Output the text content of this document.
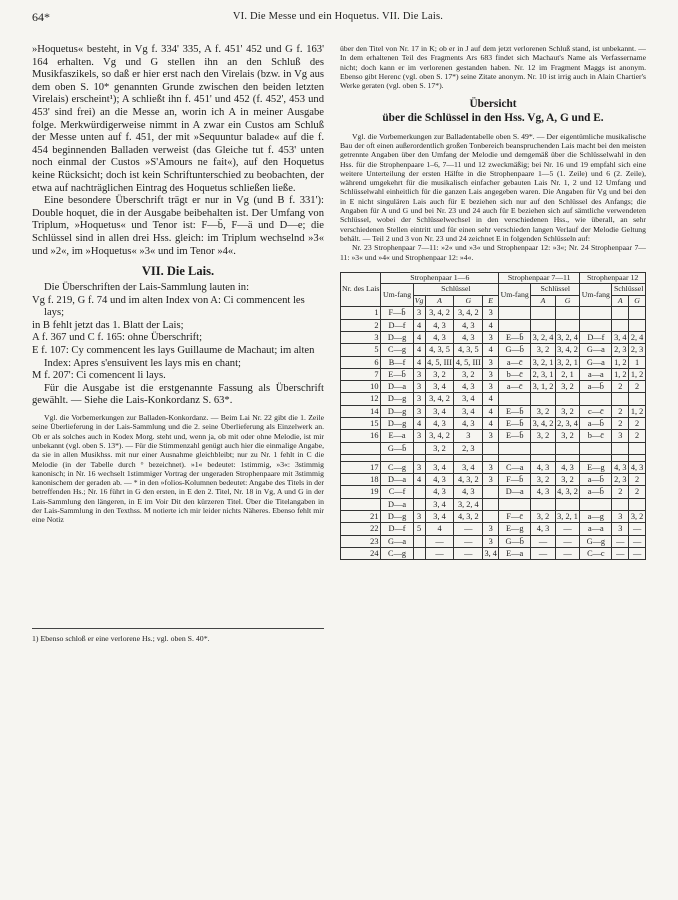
64*	VI. Die Messe und ein Hoquetus. VII. Die Lais.

»Hoquetus« besteht, in Vg f. 334' 335, A f. 451' 452 und G f. 163' 164 erhalten. Vg und G stellen ihn an den Schluß des Musikfaszikels, so daß er hier erst nach den Virelais (bzw. in Vg aus dem oben S. 10* genannten Grunde zwischen den beiden letzten Virelais) erscheint¹); A schließt ihn f. 451' und 452 (f. 452', 453 und 453' sind frei) an die Messe an, worin ich A in meiner Ausgabe folge. Merkwürdigerweise nimmt in A zwar ein Custos am Schluß der Messe unten auf f. 451, der mit »Sequuntur balade« auf die f. 454 beginnenden Balladen verweist (das Gleiche tut f. 453' unten noch einmal der Custos »S'Amours ne fait«), auf den Hoquetus keine Rücksicht; doch ist kein Schriftunterschied zu beobachten, der etwa auf nachträglichen Eintrag des Hoquetus schließen ließe.

Eine besondere Überschrift trägt er nur in Vg (und B f. 331'): Double hoquet, die in der Ausgabe beibehalten ist. Der Umfang von Triplum, »Hoquetus« und Tenor ist: F—b̄, F—ä und D—e; die Schlüssel sind in allen drei Hss. gleich: im Triplum wechselnd »3« und »2«, im »Hoquetus« »3« und im Tenor »4«.

VII. Die Lais.

Die Überschriften der Lais-Sammlung lauten in:

Vg f. 219, G f. 74 und im alten Index von A: Ci commencent les lays;

in B fehlt jetzt das 1. Blatt der Lais;

A f. 367 und C f. 165: ohne Überschrift;

E f. 107: Cy commencent les lays Guillaume de Machaut; im alten Index: Apres s'ensuivent les lays mis en chant;

M f. 207': Ci comencent li lays.

Für die Ausgabe ist die erstgenannte Fassung als Überschrift gewählt. — Siehe die Lais-Konkordanz S. 63*.

Vgl. die Vorbemerkungen zur Balladen-Konkordanz. — Beim Lai Nr. 22 gibt die 1. Zeile seine Überlieferung in der Lais-Sammlung und die 2. seine Überlieferung als Einzelwerk an. Ob er als solches auch in Kodex Morg. steht und, wenn ja, ob mit oder ohne Melodie, ist mir unbekannt (vgl. oben S. 13*). — Für die Stimmenzahl genügt auch hier die einmalige Angabe, da sie in allen Musikhss. mit nur einer Ausnahme gleichbleibt; nur zu Nr. 1 fehlt in C die Melodie (in der Tabelle durch ° bezeichnet). »1« bedeutet: 1stimmig, »3«: 3stimmig kanonisch; in Nr. 16 wechselt 1stimmiger Vortrag der ungeraden Strophenpaare mit 3stimmig kanonischem der geraden ab. — * in den »folios-Kolumnen bedeutet: Angabe des Titels in der betreffenden Hs.; Nr. 16 führt in G den ersten, in E den 2. Titel, Nr. 18 in Vg, A und G in der Lais-Sammlung den längeren, in E im Voir Dit den kürzeren Titel. Über die Titelangaben in der Lais-Sammlung in den Texthss. M notierte ich mir leider nichts Näheres. Ebenso fehlt mir eine Notiz

1) Ebenso schloß er eine verlorene Hs.; vgl. oben S. 40*.

über den Titel von Nr. 17 in K; ob er in J auf dem jetzt verlorenen Schluß stand, ist unbekannt. — In dem erhaltenen Teil des Fragments Ars 683 findet sich Machaut's Name als Verfassername nicht; doch kann er im verlorenen gestanden haben. Nr. 12 im Fragment Maggs ist anonym. Ebenso gibt Herenc (vgl. oben S. 17*) seine Zitate anonym. Nr. 10 ist irrig auch in Alain Chartier's Werke geraten (vgl. oben S. 17*).

Übersicht
über die Schlüssel in den Hss. Vg, A, G und E.

Vgl. die Vorbemerkungen zur Balladentabelle oben S. 49*. — Der eigentümliche musikalische Bau der oft einen außerordentlich großen Tonbereich beanspruchenden Lais macht bei den meisten getrennte Angaben über den Umfang der Melodie und demgemäß über die Schlüsselwahl in den Hss. für die Strophenpaare 1–6, 7—11 und 12 zweckmäßig; bei Nr. 16 und 19 empfahl sich eine weitere Unterteilung der ersten Hälfte in die Strophenpaare 1—5 (1. Zeile) und 6 (2. Zeile), während umgekehrt für die musikalisch einfacher gebauten Lais Nr. 1, 2 und 12 Umfang und Schlüsselwahl einheitlich für die ganzen Lais angegeben waren. Die Angaben für Vg und bei den in E nicht singulären Lais auch für E beziehen sich nur auf den Schlüssel des Anfangs; die Angaben für A und G und bei Nr. 23 und 24 auch für E beziehen sich auf sämtliche verwendeten Schlüssel, wobei der Schlüsselwechsel in den verschiedenen Hss., wie überall, an sehr verschiedenen Stellen eintritt und für einen sehr verschieden langen Verlauf der Melodie Geltung behält. — Teil 2 und 3 von Nr. 23 und 24 zeichnet E in folgenden Schlüsseln auf:

Nr. 23 Strophenpaar 7—11: »2« und »3« und Strophenpaar 12: »3«; Nr. 24 Strophenpaar 7—11: »3« und »4« und Strophenpaar 12: »4«.

Nr. des Lais	Strophenpaar 1—6					Strophenpaar 7—11			Strophenpaar 12		
	Um-fang	Schlüssel				Um-fang	Schlüssel		Um-fang	Schlüssel	
		Vg	A	G	E		A	G		A	G
1	F—b̄	3	3, 4, 2	3, 4, 2	3						
2	D—f	4	4, 3	4, 3	4						
3	D—g	4	4, 3	4, 3	3	E—b̄	3, 2, 4	3, 2, 4	D—f	3, 4	2, 4
5	C—g	4	4, 3, 5	4, 3, 5	4	G—b̄	3, 2	3, 4, 2	G—a	2, 3	2, 3
6	B—f	4	4, 5, III	4, 5, III	3	a—c̄	3, 2, 1	3, 2, 1	G—a	1, 2	1
7	E—b̄	3	3, 2	3, 2	3	b—c̄	2, 3, 1	2, 1	a—a	1, 2	1, 2
10	D—a	3	3, 4	4, 3	3	a—c̄	3, 1, 2	3, 2	a—b̄	2	2
12	D—g	3	3, 4, 2	3, 4	4						
14	D—g	3	3, 4	3, 4	4	E—b̄	3, 2	3, 2	c—c̄	2	1, 2
15	D—g	4	4, 3	4, 3	4	E—b̄	3, 4, 2	2, 3, 4	a—b̄	2	2
16	E—a	3	3, 4, 2	3	3	E—b̄	3, 2	3, 2	b—c̄	3	2
	G—b̄		3, 2	2, 3							

17	C—g	3	3, 4	3, 4	3	C—a	4, 3	4, 3	E—g	4, 3	4, 3
18	D—a	4	4, 3	4, 3, 2	3	F—b̄	3, 2	3, 2	a—b̄	2, 3	2
19	C—f		4, 3	4, 3		D—a	4, 3	4, 3, 2	a—b̄	2	2
	D—a		3, 4	3, 2, 4							
21	D—g	3	3, 4	4, 3, 2		F—c̄	3, 2	3, 2, 1	a—g	3	3, 2
22	D—f	5	4	—	3	E—g	4, 3	—	a—a	3	—
23	G—a		—	—	3	G—b̄	—	—	G—g	—	—
24	C—g		—	—	3, 4	E—a	—	—	C—c	—	—
